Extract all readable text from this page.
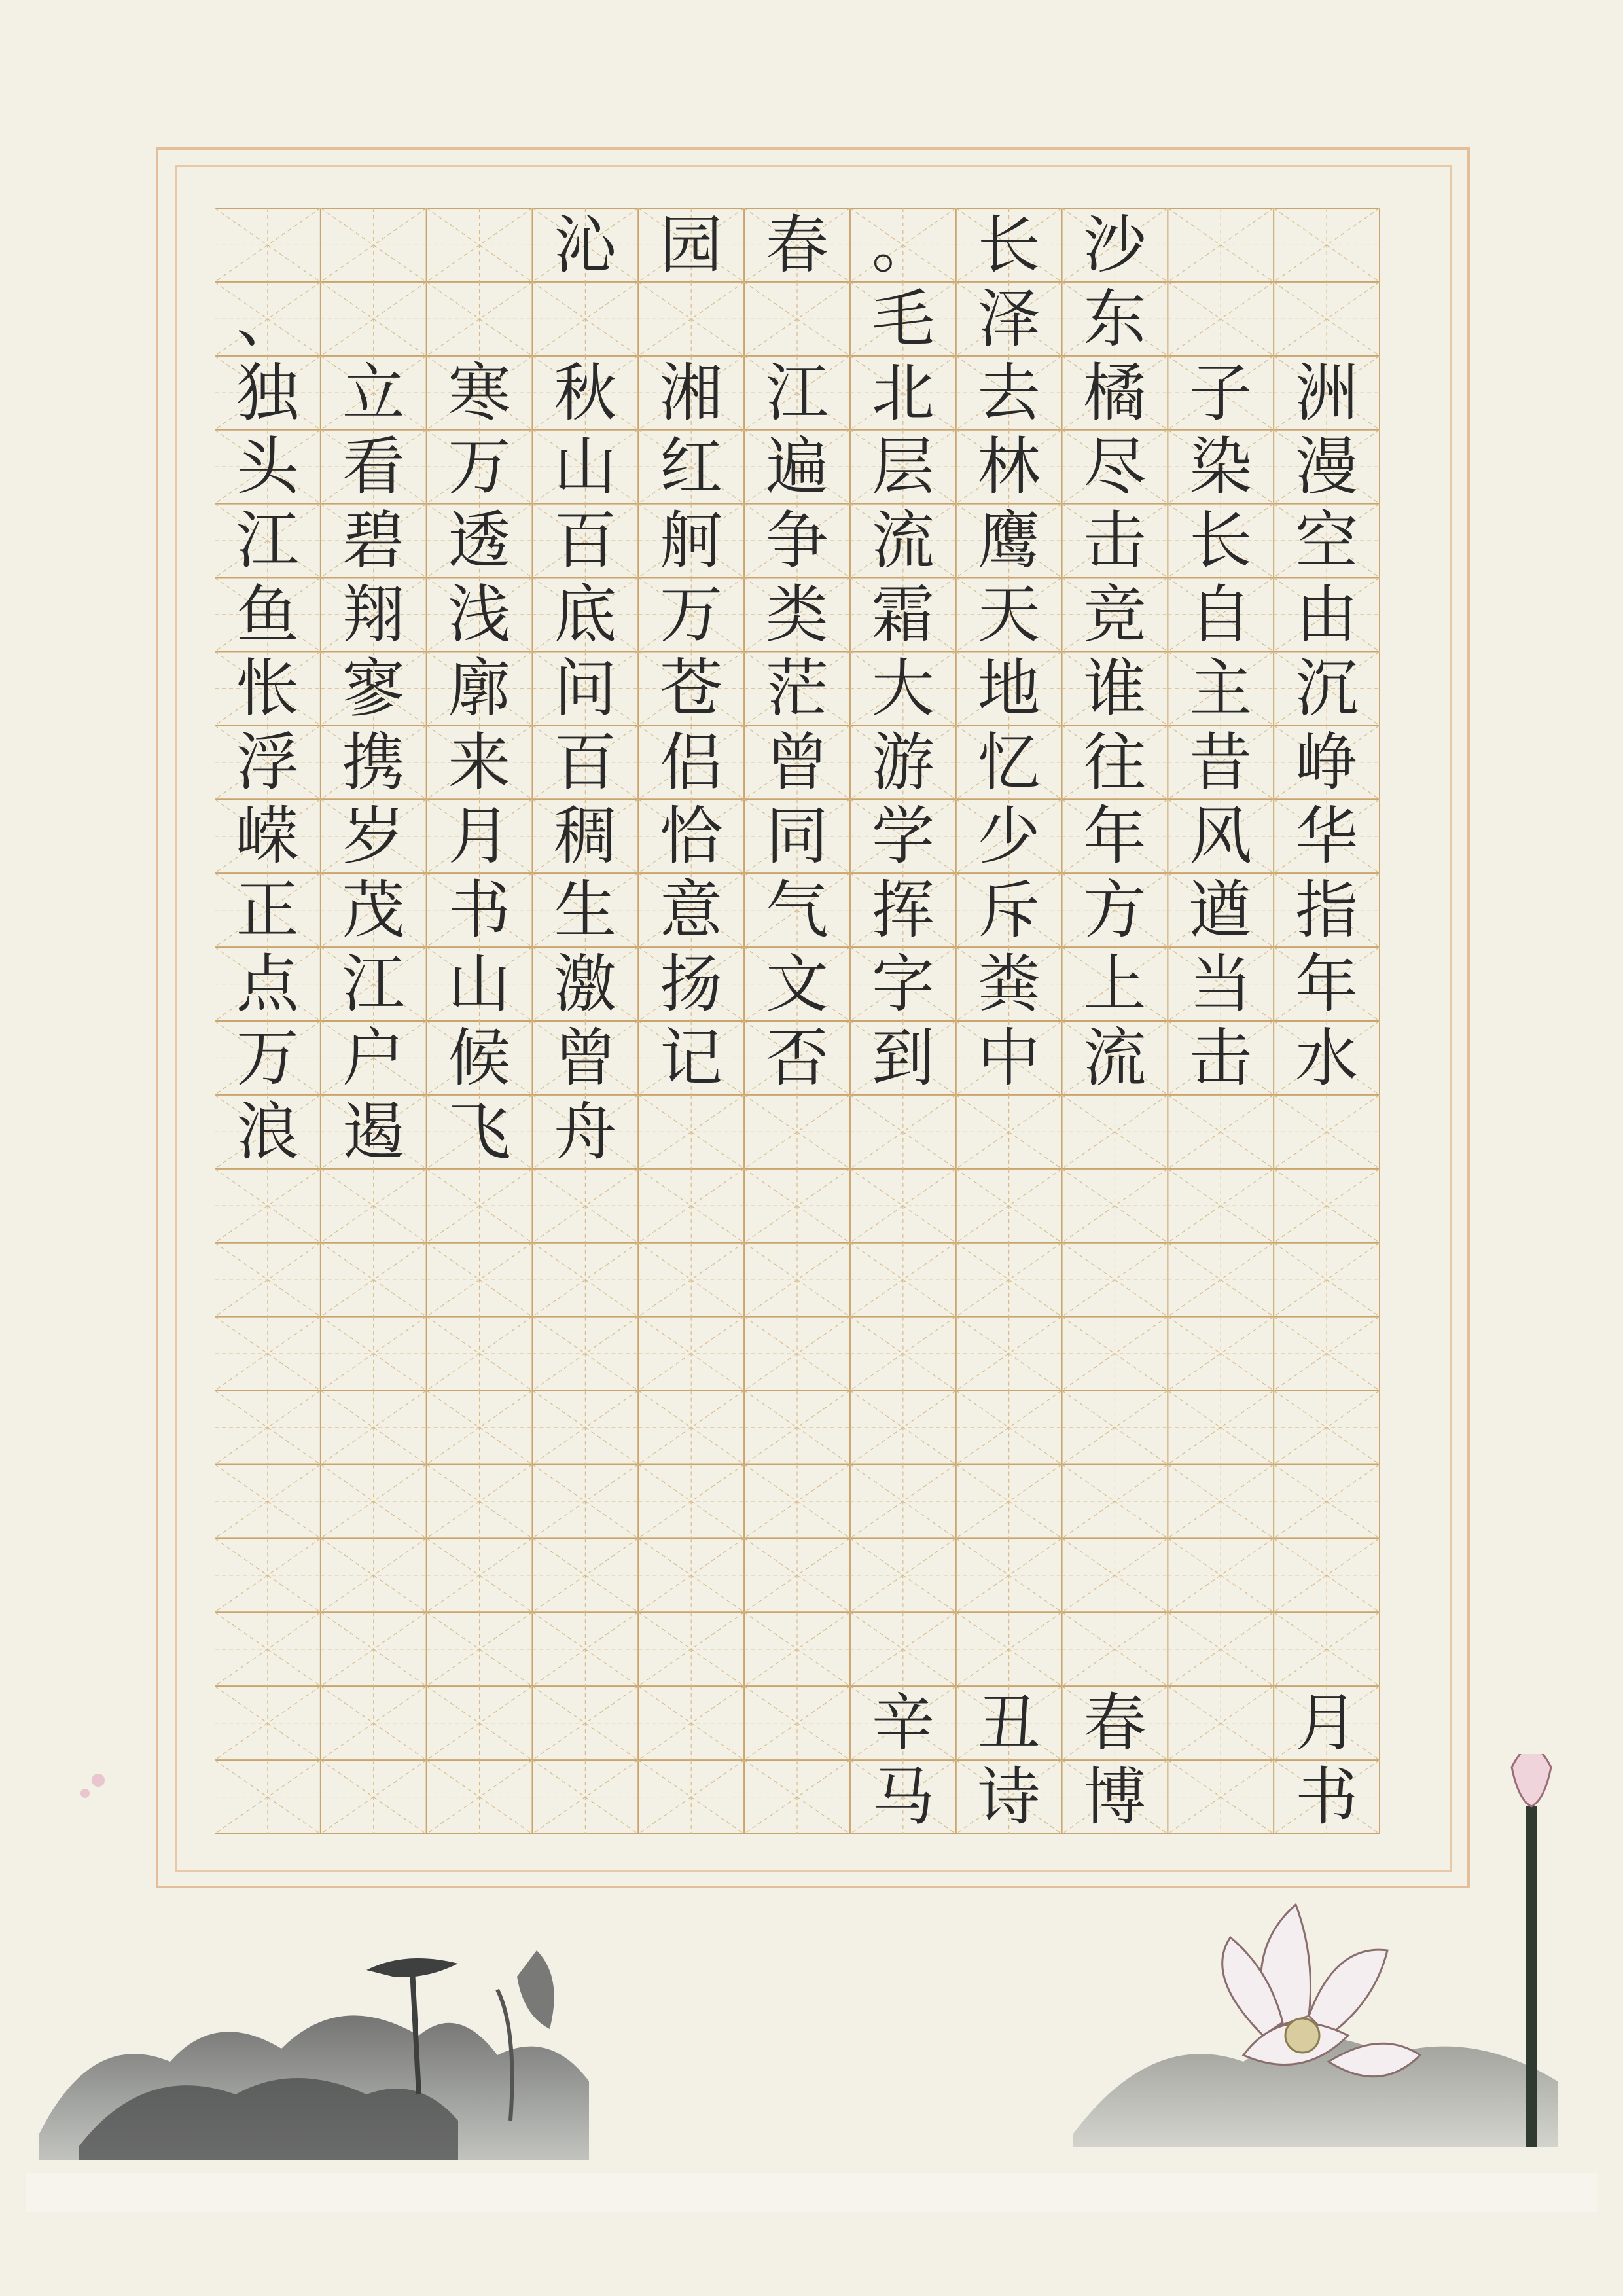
洲
漫
空
由
沉
峥
华
指
年
水
月
书
子
染
长
自
主
昔
风
遒
当
击
沙
东
橘
尽
击
竞
谁
往
年
方
上
流
春
博
长
泽
去
林
鹰
天
地
忆
少
斥
粪
中
丑
诗
。
毛
北
层
流
霜
大
游
学
挥
字
到
辛
马
春
江
遍
争
类
茫
曾
同
气
文
否
园
湘
红
舸
万
苍
侣
恰
意
扬
记
沁
秋
山
百
底
问
百
稠
生
激
曾
舟
寒
万
透
浅
廓
来
月
书
山
候
飞
立
看
碧
翔
寥
携
岁
茂
江
户
遏
、
独
头
江
鱼
怅
浮
嵘
正
点
万
浪
